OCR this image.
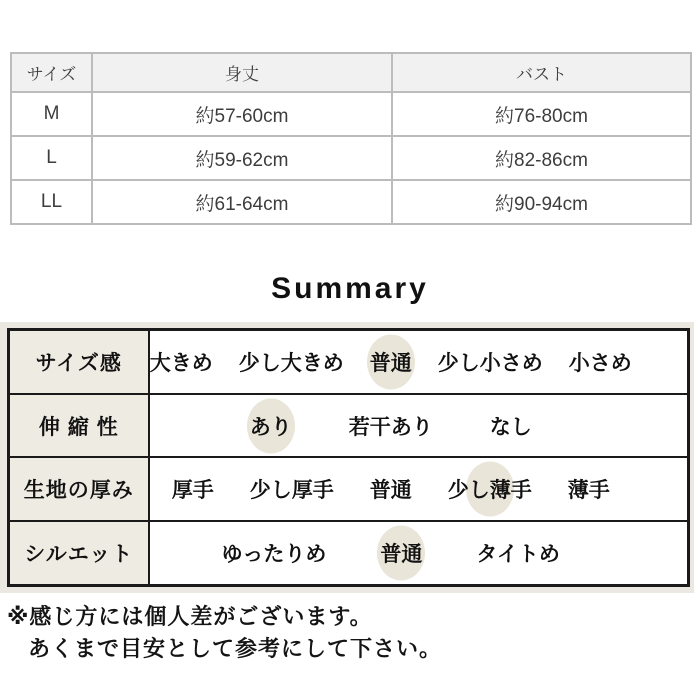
サイズ	身丈	バスト
M	約57-60cm	約76-80cm
L	約59-62cm	約82-86cm
LL	約61-64cm	約90-94cm
Summary
サイズ感	大きめ 少し大きめ 普通 少し小さめ 小さめ

伸 縮 性	あり 若干あり なし

生地の厚み	厚手 少し厚手 普通 少し薄手 薄手

シルエット	ゆったりめ 普通 タイトめ
※感じ方には個人差がございます。
あくまで目安として参考にして下さい。
